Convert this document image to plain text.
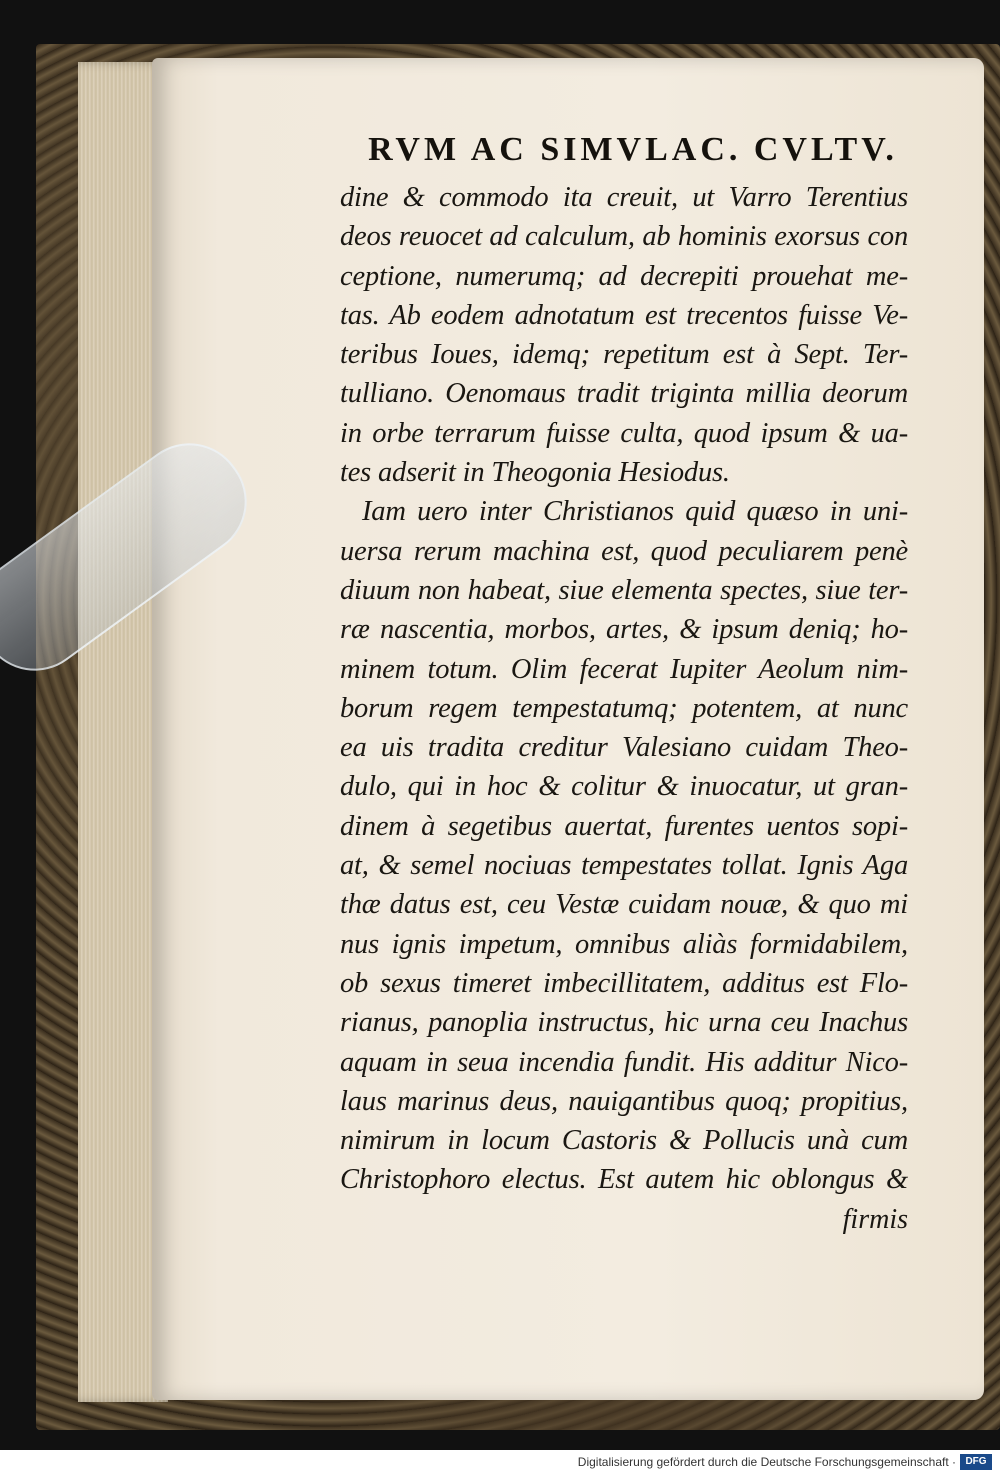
RVM AC SIMVLAC. CVLTV.
dine & commodo ita creuit, ut Varro Terentius
deos reuocet ad calculum, ab hominis exorsus con
ceptione, numerumq; ad decrepiti prouehat me-
tas. Ab eodem adnotatum est trecentos fuisse Ve-
teribus Ioues, idemq; repetitum est à Sept. Ter-
tulliano. Oenomaus tradit triginta millia deorum
in orbe terrarum fuisse culta, quod ipsum & ua-
tes adserit in Theogonia Hesiodus.
Iam uero inter Christianos quid quæso in uni-
uersa rerum machina est, quod peculiarem penè
diuum non habeat, siue elementa spectes, siue ter-
ræ nascentia, morbos, artes, & ipsum deniq; ho-
minem totum. Olim fecerat Iupiter Aeolum nim-
borum regem tempestatumq; potentem, at nunc
ea uis tradita creditur Valesiano cuidam Theo-
dulo, qui in hoc & colitur & inuocatur, ut gran-
dinem à segetibus auertat, furentes uentos sopi-
at, & semel nociuas tempestates tollat. Ignis Aga
thæ datus est, ceu Vestæ cuidam nouæ, & quo mi
nus ignis impetum, omnibus aliàs formidabilem,
ob sexus timeret imbecillitatem, additus est Flo-
rianus, panoplia instructus, hic urna ceu Inachus
aquam in seua incendia fundit. His additur Nico-
laus marinus deus, nauigantibus quoq; propitius,
nimirum in locum Castoris & Pollucis unà cum
Christophoro electus. Est autem hic oblongus &
firmis
Digitalisierung gefördert durch die Deutsche Forschungsgemeinschaft · DFG
